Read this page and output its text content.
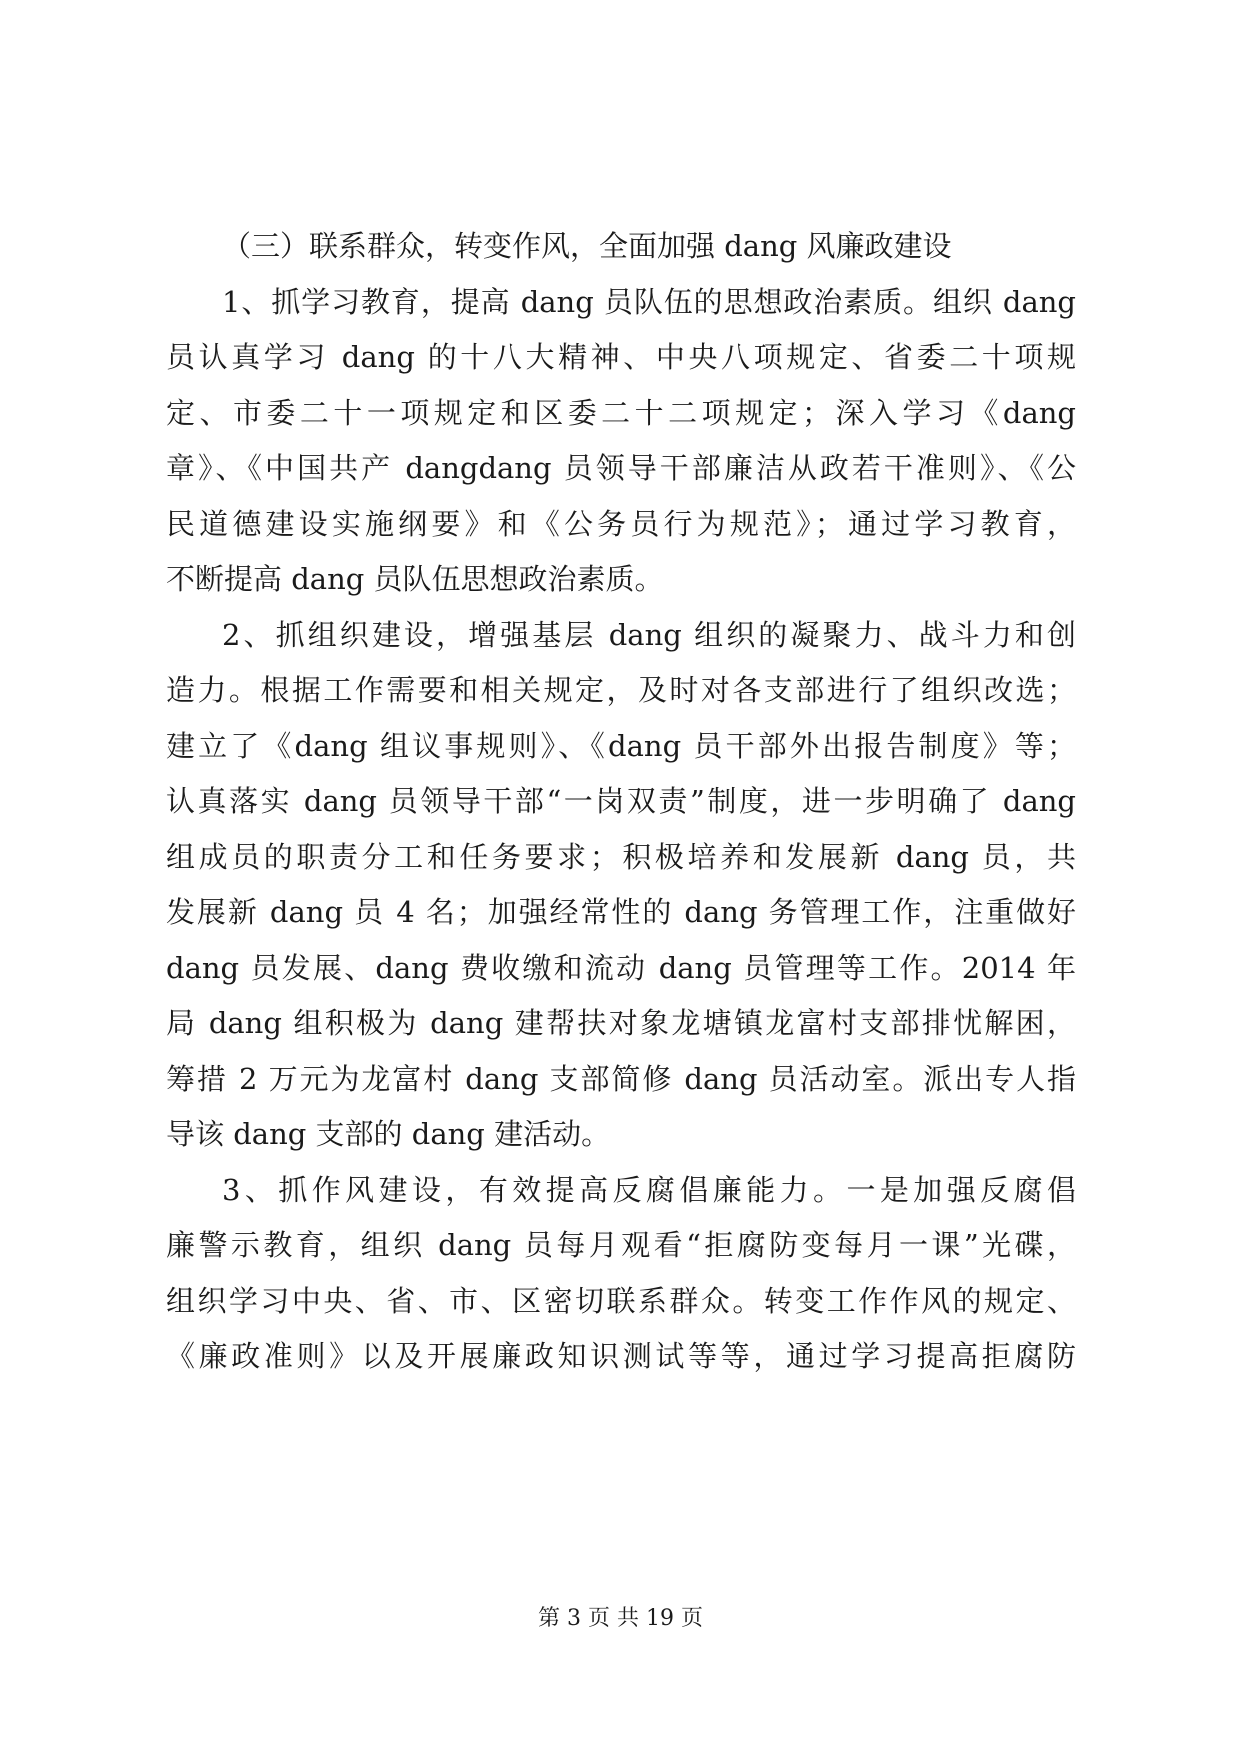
（三）联系群众，转变作风，全面加强 dang 风廉政建设
1、抓学习教育，提高 dang 员队伍的思想政治素质。组织 dang
员认真学习 dang 的十八大精神、中央八项规定、省委二十项规
定、市委二十一项规定和区委二十二项规定；深入学习《dang
章》、《中国共产 dangdang 员领导干部廉洁从政若干准则》、《公
民道德建设实施纲要》和《公务员行为规范》；通过学习教育，
不断提高 dang 员队伍思想政治素质。
2、抓组织建设，增强基层 dang 组织的凝聚力、战斗力和创
造力。根据工作需要和相关规定，及时对各支部进行了组织改选；
建立了《dang 组议事规则》、《dang 员干部外出报告制度》等；
认真落实 dang 员领导干部“一岗双责”制度，进一步明确了 dang
组成员的职责分工和任务要求；积极培养和发展新 dang 员，共
发展新 dang 员 4 名；加强经常性的 dang 务管理工作，注重做好
dang 员发展、dang 费收缴和流动 dang 员管理等工作。2014 年
局 dang 组积极为 dang 建帮扶对象龙塘镇龙富村支部排忧解困，
筹措 2 万元为龙富村 dang 支部简修 dang 员活动室。派出专人指
导该 dang 支部的 dang 建活动。
3、抓作风建设，有效提高反腐倡廉能力。一是加强反腐倡
廉警示教育，组织 dang 员每月观看“拒腐防变每月一课”光碟，
组织学习中央、省、市、区密切联系群众。转变工作作风的规定、
《廉政准则》以及开展廉政知识测试等等，通过学习提高拒腐防
第 3 页 共 19 页
